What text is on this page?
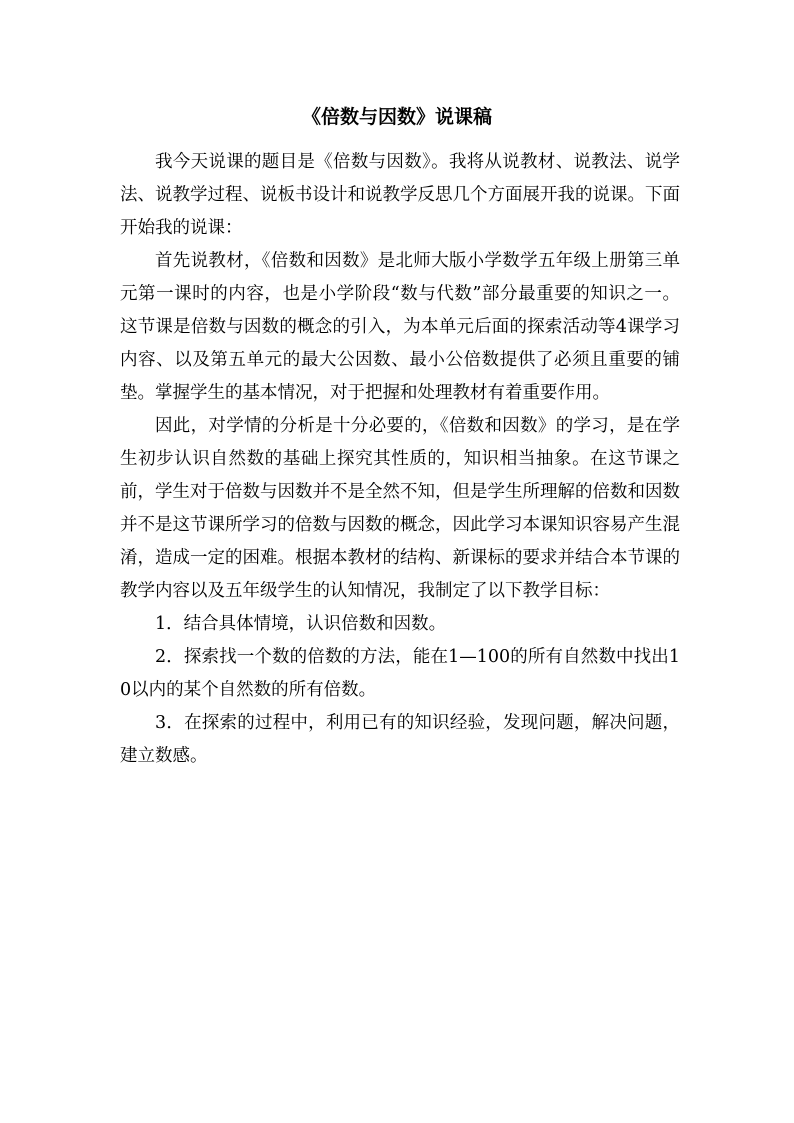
《倍数与因数》说课稿

我今天说课的题目是《倍数与因数》。我将从说教材、说教法、说学法、说教学过程、说板书设计和说教学反思几个方面展开我的说课。下面开始我的说课：

首先说教材，《倍数和因数》是北师大版小学数学五年级上册第三单元第一课时的内容，也是小学阶段“数与代数”部分最重要的知识之一。这节课是倍数与因数的概念的引入，为本单元后面的探索活动等4课学习内容、以及第五单元的最大公因数、最小公倍数提供了必须且重要的铺垫。掌握学生的基本情况，对于把握和处理教材有着重要作用。

因此，对学情的分析是十分必要的，《倍数和因数》的学习，是在学生初步认识自然数的基础上探究其性质的，知识相当抽象。在这节课之前，学生对于倍数与因数并不是全然不知，但是学生所理解的倍数和因数并不是这节课所学习的倍数与因数的概念，因此学习本课知识容易产生混淆，造成一定的困难。根据本教材的结构、新课标的要求并结合本节课的教学内容以及五年级学生的认知情况，我制定了以下教学目标：

1．结合具体情境，认识倍数和因数。

2．探索找一个数的倍数的方法，能在1—100的所有自然数中找出10以内的某个自然数的所有倍数。

3．在探索的过程中，利用已有的知识经验，发现问题，解决问题，建立数感。
